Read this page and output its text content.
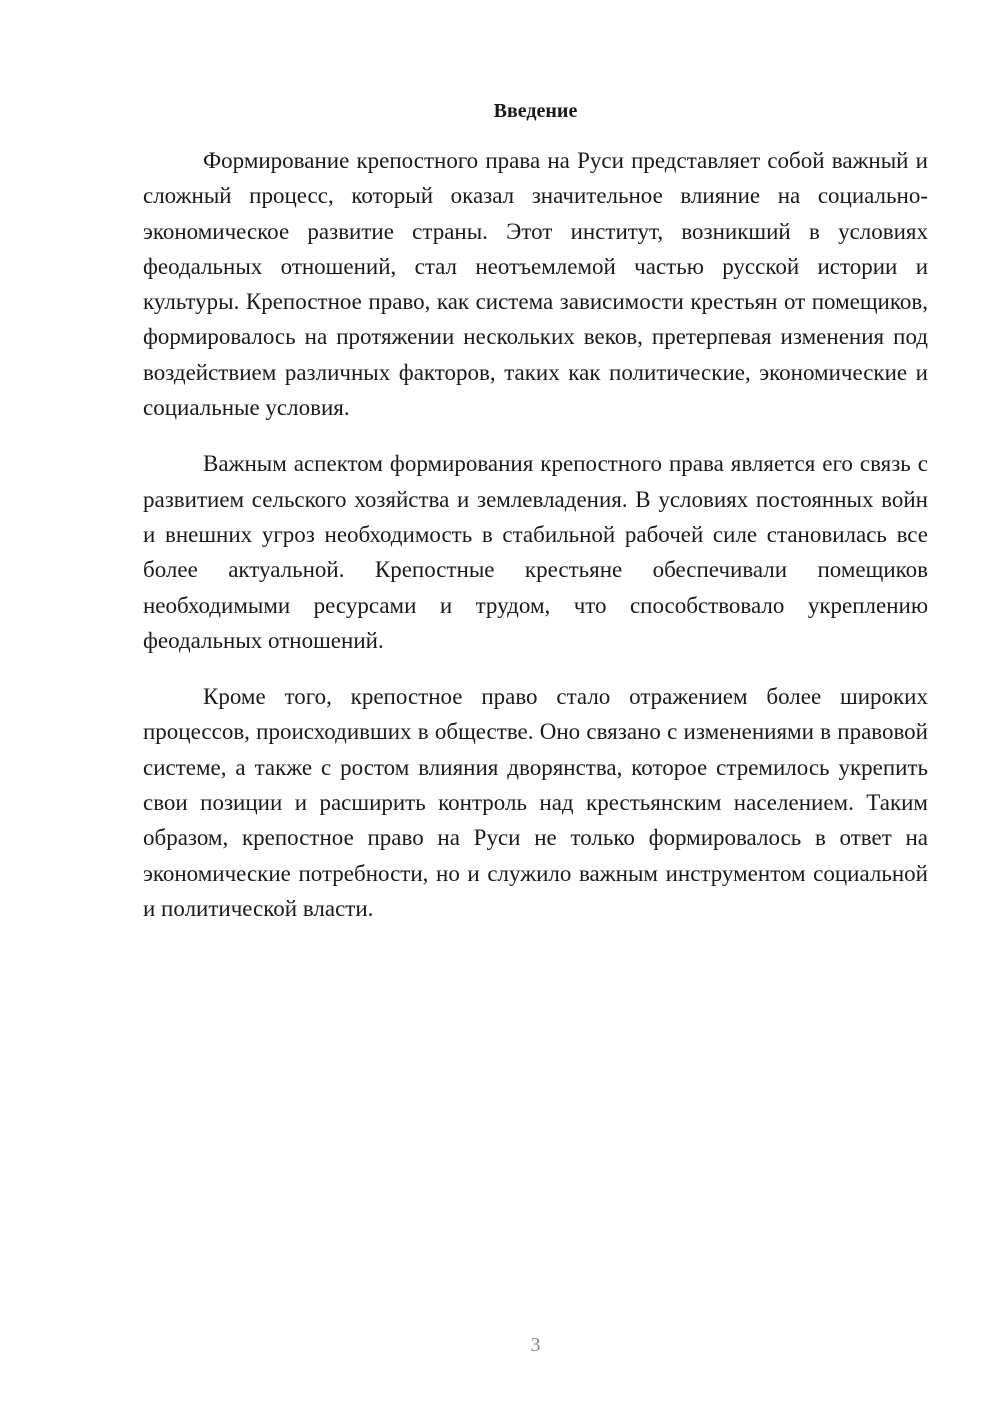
Введение

Формирование крепостного права на Руси представляет собой важный и сложный процесс, который оказал значительное влияние на социально-экономическое развитие страны. Этот институт, возникший в условиях феодальных отношений, стал неотъемлемой частью русской истории и культуры. Крепостное право, как система зависимости крестьян от помещиков, формировалось на протяжении нескольких веков, претерпевая изменения под воздействием различных факторов, таких как политические, экономические и социальные условия.

Важным аспектом формирования крепостного права является его связь с развитием сельского хозяйства и землевладения. В условиях постоянных войн и внешних угроз необходимость в стабильной рабочей силе становилась все более актуальной. Крепостные крестьяне обеспечивали помещиков необходимыми ресурсами и трудом, что способствовало укреплению феодальных отношений.

Кроме того, крепостное право стало отражением более широких процессов, происходивших в обществе. Оно связано с изменениями в правовой системе, а также с ростом влияния дворянства, которое стремилось укрепить свои позиции и расширить контроль над крестьянским населением. Таким образом, крепостное право на Руси не только формировалось в ответ на экономические потребности, но и служило важным инструментом социальной и политической власти.

3
